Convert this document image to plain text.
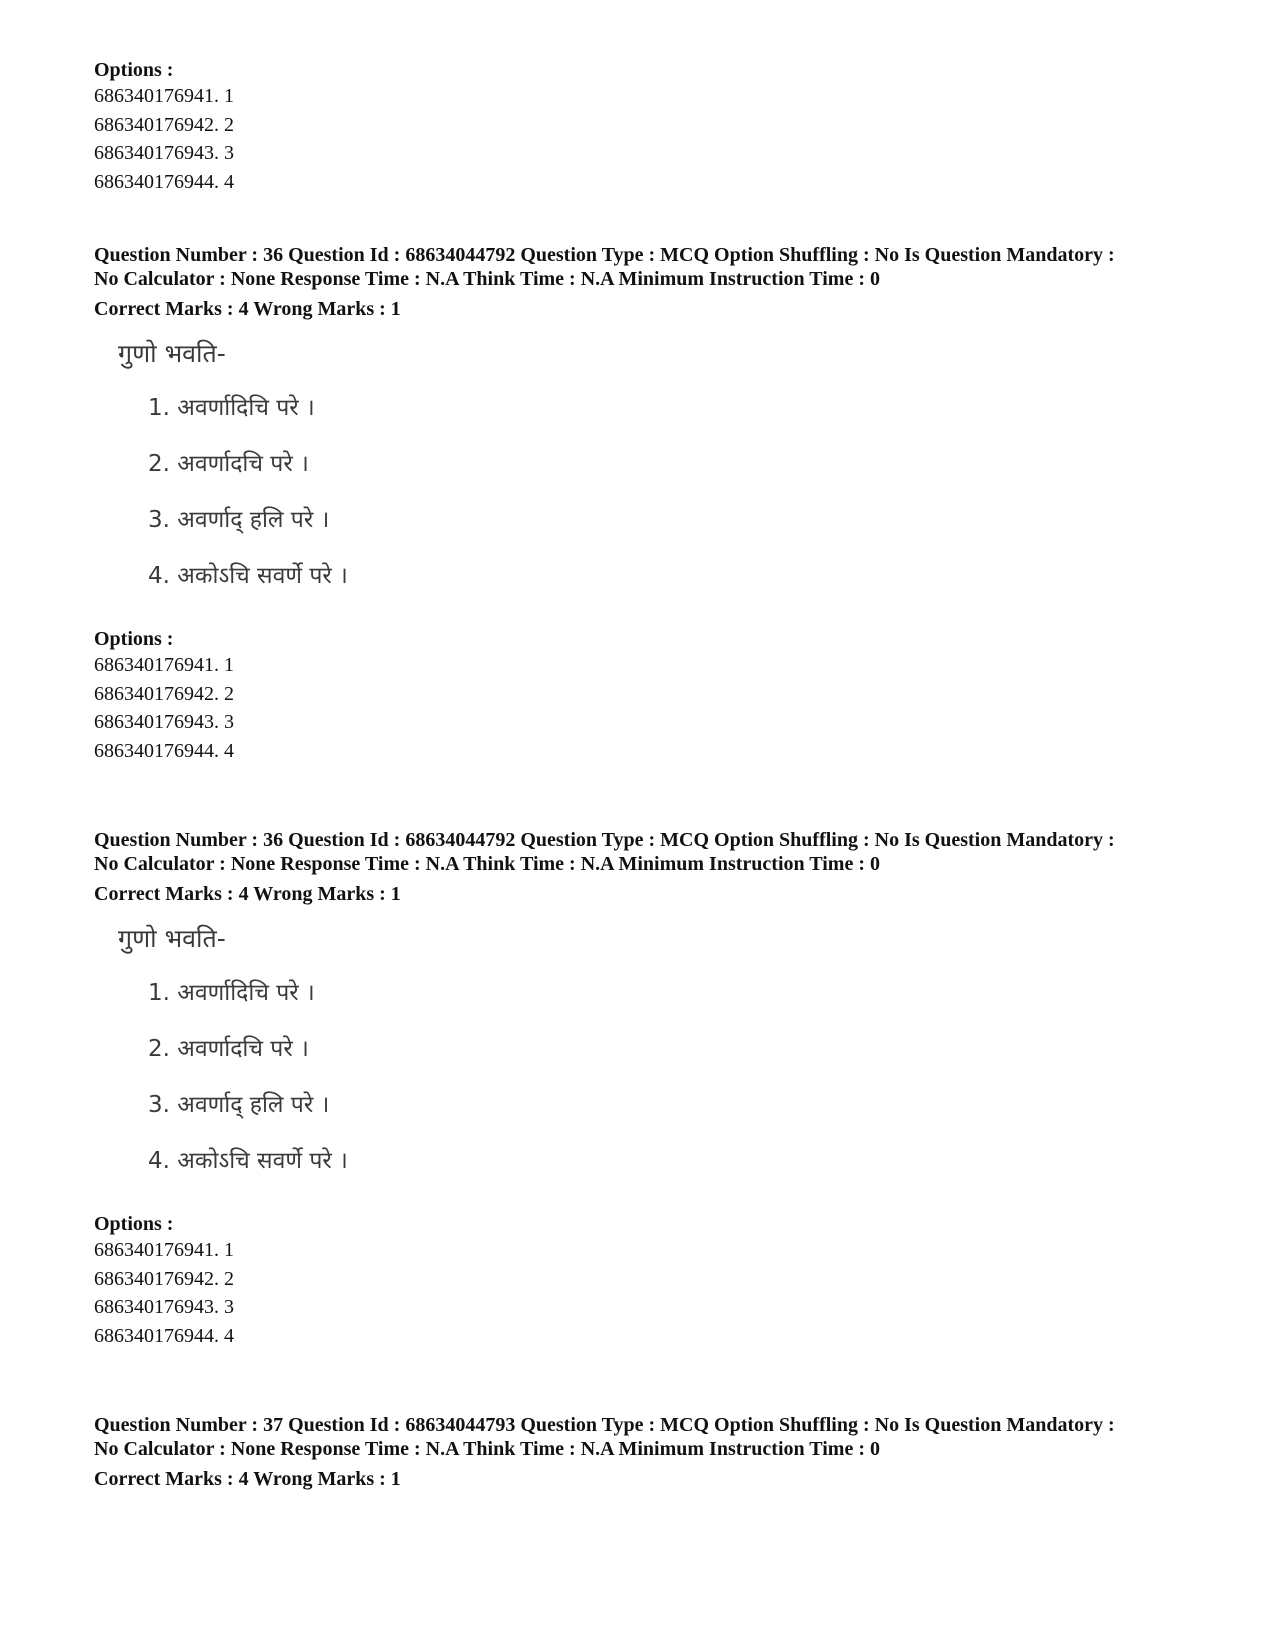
Options :

686340176941. 1

686340176942. 2

686340176943. 3

686340176944. 4

Question Number : 36 Question Id : 68634044792 Question Type : MCQ Option Shuffling : No Is Question Mandatory :

No Calculator : None Response Time : N.A Think Time : N.A Minimum Instruction Time : 0

Correct Marks : 4 Wrong Marks : 1

गुणो भवति-

1. अवर्णादिचि परे ।

2. अवर्णादचि परे ।

3. अवर्णाद् हलि परे ।

4. अकोऽचि सवर्णे परे ।

Options :

686340176941. 1

686340176942. 2

686340176943. 3

686340176944. 4

Question Number : 36 Question Id : 68634044792 Question Type : MCQ Option Shuffling : No Is Question Mandatory :

No Calculator : None Response Time : N.A Think Time : N.A Minimum Instruction Time : 0

Correct Marks : 4 Wrong Marks : 1

गुणो भवति-

1. अवर्णादिचि परे ।

2. अवर्णादचि परे ।

3. अवर्णाद् हलि परे ।

4. अकोऽचि सवर्णे परे ।

Options :

686340176941. 1

686340176942. 2

686340176943. 3

686340176944. 4

Question Number : 37 Question Id : 68634044793 Question Type : MCQ Option Shuffling : No Is Question Mandatory :

No Calculator : None Response Time : N.A Think Time : N.A Minimum Instruction Time : 0

Correct Marks : 4 Wrong Marks : 1
